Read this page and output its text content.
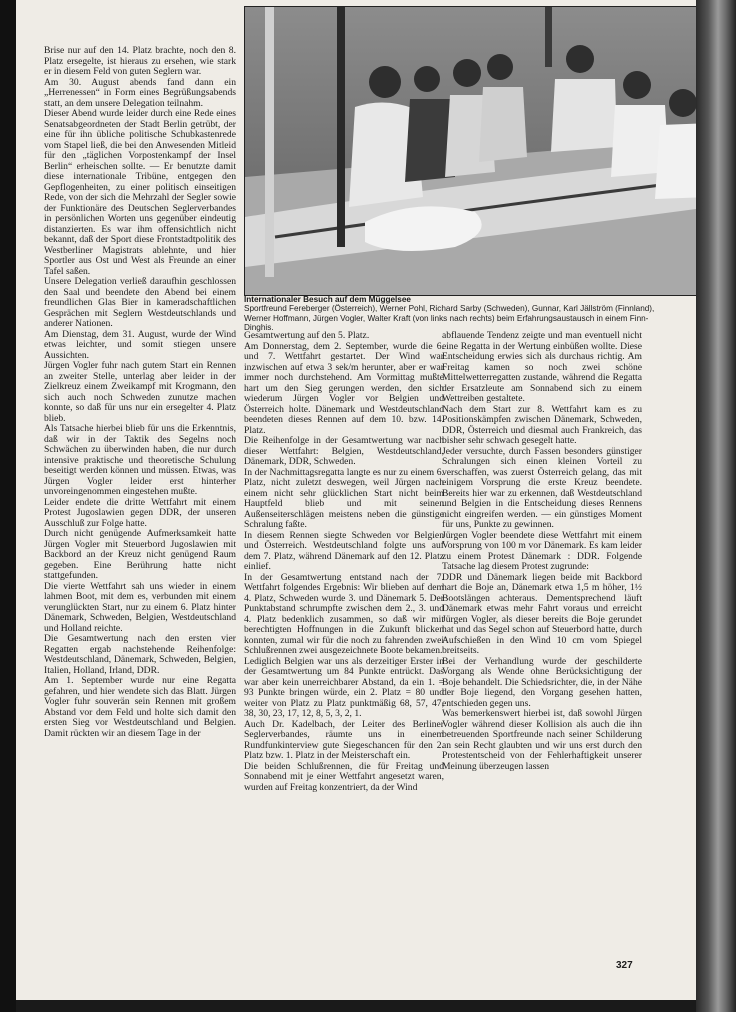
Internationaler Besuch auf dem Müggelsee
Sportfreund Fereberger (Österreich), Werner Pohl, Richard Sarby (Schweden), Gunnar, Karl Jällström (Finnland), Werner Hoffmann, Jürgen Vogler, Walter Kraft (von links nach rechts) beim Erfahrungsaustausch in einem Finn-Dinghis.

Brise nur auf den 14. Platz brachte, noch den 8. Platz ersegelte, ist hieraus zu ersehen, wie stark er in diesem Feld von guten Seglern war.

Am 30. August abends fand dann ein „Herrenessen“ in Form eines Begrüßungsabends statt, an dem unsere Delegation teilnahm.

Dieser Abend wurde leider durch eine Rede eines Senatsabgeordneten der Stadt Berlin getrübt, der eine für ihn übliche politische Schubkastenrede vom Stapel ließ, die bei den Anwesenden Mitleid für den „täglichen Vorpostenkampf der Insel Berlin“ erheischen sollte. — Er benutzte damit diese internationale Tribüne, entgegen den Gepflogenheiten, zu einer politisch einseitigen Rede, von der sich die Mehrzahl der Segler sowie der Funktionäre des Deutschen Seglerverbandes in persönlichen Worten uns gegenüber eindeutig distanzierten. Es war ihm offensichtlich nicht bekannt, daß der Sport diese Frontstadtpolitik des Westberliner Magistrats ablehnte, und hier Sportler aus Ost und West als Freunde an einer Tafel saßen.

Unsere Delegation verließ daraufhin geschlossen den Saal und beendete den Abend bei einem freundlichen Glas Bier in kameradschaftlichen Gesprächen mit Seglern Westdeutschlands und anderer Nationen.

Am Dienstag, dem 31. August, wurde der Wind etwas leichter, und somit stiegen unsere Aussichten.

Jürgen Vogler fuhr nach gutem Start ein Rennen an zweiter Stelle, unterlag aber leider in der Zielkreuz einem Zweikampf mit Krogmann, den sich auch noch Schweden zunutze machen konnte, so daß für uns nur ein ersegelter 4. Platz blieb.

Als Tatsache hierbei blieb für uns die Erkenntnis, daß wir in der Taktik des Segelns noch Schwächen zu überwinden haben, die nur durch intensive praktische und theoretische Schulung beseitigt werden können und müssen. Etwas, was Jürgen Vogler leider erst hinterher unvoreingenommen eingestehen mußte.

Leider endete die dritte Wettfahrt mit einem Protest Jugoslawien gegen DDR, der unseren Ausschluß zur Folge hatte.

Durch nicht genügende Aufmerksamkeit hatte Jürgen Vogler mit Steuerbord Jugoslawien mit Backbord an der Kreuz nicht genügend Raum gegeben. Eine Berührung hatte nicht stattgefunden.

Die vierte Wettfahrt sah uns wieder in einem lahmen Boot, mit dem es, verbunden mit einem verunglückten Start, nur zu einem 6. Platz hinter Dänemark, Schweden, Belgien, Westdeutschland und Holland reichte.

Die Gesamtwertung nach den ersten vier Regatten ergab nachstehende Reihenfolge: Westdeutschland, Dänemark, Schweden, Belgien, Italien, Holland, Irland, DDR.

Am 1. September wurde nur eine Regatta gefahren, und hier wendete sich das Blatt. Jürgen Vogler fuhr souverän sein Rennen mit großem Abstand vor dem Feld und holte sich damit den ersten Sieg vor Westdeutschland und Belgien. Damit rückten wir an diesem Tage in der

Gesamtwertung auf den 5. Platz.

Am Donnerstag, dem 2. September, wurde die 6. und 7. Wettfahrt gestartet. Der Wind war inzwischen auf etwa 3 sek/m herunter, aber er war immer noch durchstehend. Am Vormittag mußte hart um den Sieg gerungen werden, den sich wiederum Jürgen Vogler vor Belgien und Österreich holte. Dänemark und Westdeutschland beendeten dieses Rennen auf dem 10. bzw. 14. Platz.

Die Reihenfolge in der Gesamtwertung war nach dieser Wettfahrt: Belgien, Westdeutschland, Dänemark, DDR, Schweden.

In der Nachmittagsregatta langte es nur zu einem 6. Platz, nicht zuletzt deswegen, weil Jürgen nach einem nicht sehr glücklichen Start nicht beim Hauptfeld blieb und mit seinen Außenseiterschlägen meistens neben die günstige Schralung faßte.

In diesem Rennen siegte Schweden vor Belgien und Österreich. Westdeutschland folgte uns auf dem 7. Platz, während Dänemark auf den 12. Platz einlief.

In der Gesamtwertung entstand nach der 7. Wettfahrt folgendes Ergebnis: Wir blieben auf dem 4. Platz, Schweden wurde 3. und Dänemark 5. Der Punktabstand schrumpfte zwischen dem 2., 3. und 4. Platz bedenklich zusammen, so daß wir mit berechtigten Hoffnungen in die Zukunft blicken konnten, zumal wir für die noch zu fahrenden zwei Schlußrennen zwei ausgezeichnete Boote bekamen.

Lediglich Belgien war uns als derzeitiger Erster in der Gesamtwertung um 84 Punkte entrückt. Das war aber kein unerreichbarer Abstand, da ein 1. = 93 Punkte bringen würde, ein 2. Platz = 80 und weiter von Platz zu Platz punktmäßig 68, 57, 47, 38, 30, 23, 17, 12, 8, 5, 3, 2, 1.

Auch Dr. Kadelbach, der Leiter des Berliner Seglerverbandes, räumte uns in einem Rundfunkinterview gute Siegeschancen für den 2. Platz bzw. 1. Platz in der Meisterschaft ein.

Die beiden Schlußrennen, die für Freitag und Sonnabend mit je einer Wettfahrt angesetzt waren, wurden auf Freitag konzentriert, da der Wind

abflauende Tendenz zeigte und man eventuell nicht eine Regatta in der Wertung einbüßen wollte. Diese Entscheidung erwies sich als durchaus richtig. Am Freitag kamen so noch zwei schöne Mittelwetterregatten zustande, während die Regatta der Ersatzleute am Sonnabend sich zu einem Wettreiben gestaltete.

Nach dem Start zur 8. Wettfahrt kam es zu Positionskämpfen zwischen Dänemark, Schweden, DDR, Österreich und diesmal auch Frankreich, das bisher sehr schwach gesegelt hatte.

Jeder versuchte, durch Fassen besonders günstiger Schralungen sich einen kleinen Vorteil zu verschaffen, was zuerst Österreich gelang, das mit einigem Vorsprung die erste Kreuz beendete. Bereits hier war zu erkennen, daß Westdeutschland und Belgien in die Entscheidung dieses Rennens nicht eingreifen werden. — ein günstiges Moment für uns, Punkte zu gewinnen.

Jürgen Vogler beendete diese Wettfahrt mit einem Vorsprung von 100 m vor Dänemark. Es kam leider zu einem Protest Dänemark : DDR. Folgende Tatsache lag diesem Protest zugrunde:

DDR und Dänemark liegen beide mit Backbord hart die Boje an, Dänemark etwa 1,5 m höher, 1½ Bootslängen achteraus. Dementsprechend läuft Dänemark etwas mehr Fahrt voraus und erreicht Jürgen Vogler, als dieser bereits die Boje gerundet hat und das Segel schon auf Steuerbord hatte, durch Aufschießen in den Wind 10 cm vom Spiegel breitseits.

Bei der Verhandlung wurde der geschilderte Vorgang als Wende ohne Berücksichtigung der Boje behandelt. Die Schiedsrichter, die, in der Nähe der Boje liegend, den Vorgang gesehen hatten, entschieden gegen uns.

Was bemerkenswert hierbei ist, daß sowohl Jürgen Vogler während dieser Kollision als auch die ihn betreuenden Sportfreunde nach seiner Schilderung an sein Recht glaubten und wir uns erst durch den Protestentscheid von der Fehlerhaftigkeit unserer Meinung überzeugen lassen

327
